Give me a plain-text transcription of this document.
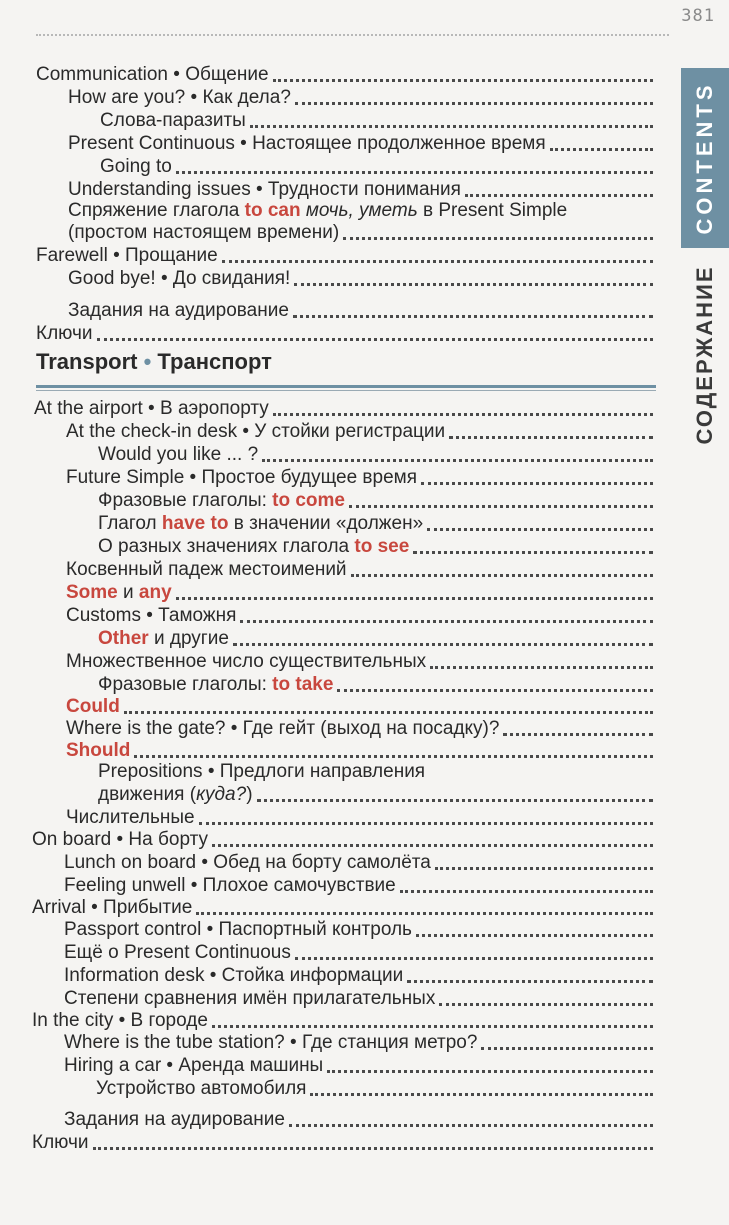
381
CONTENTS
СОДЕРЖАНИЕ
Communication • Общение
How are you? • Как дела?
Слова-паразиты
Present Continuous • Настоящее продолженное время
Going to
Understanding issues • Трудности понимания
Спряжение глагола to can мочь, уметь в Present Simple
(простом настоящем времени)
Farewell • Прощание
Good bye! • До свидания!
Задания на аудирование
Ключи
Transport • Транспорт
At the airport • В аэропорту
At the check-in desk • У стойки регистрации
Would you like ... ?
Future Simple • Простое будущее время
Фразовые глаголы: to come
Глагол have to в значении «должен»
О разных значениях глагола to see
Косвенный падеж местоимений
Some и any
Customs • Таможня
Other и другие
Множественное число существительных
Фразовые глаголы: to take
Could
Where is the gate? • Где гейт (выход на посадку)?
Should
Prepositions • Предлоги направления
движения (куда?)
Числительные
On board • На борту
Lunch on board • Обед на борту самолёта
Feeling unwell • Плохое самочувствие
Arrival • Прибытие
Passport control • Паспортный контроль
Ещё о Present Continuous
Information desk • Стойка информации
Степени сравнения имён прилагательных
In the city • В городе
Where is the tube station? • Где станция метро?
Hiring a car • Аренда машины
Устройство автомобиля
Задания на аудирование
Ключи
